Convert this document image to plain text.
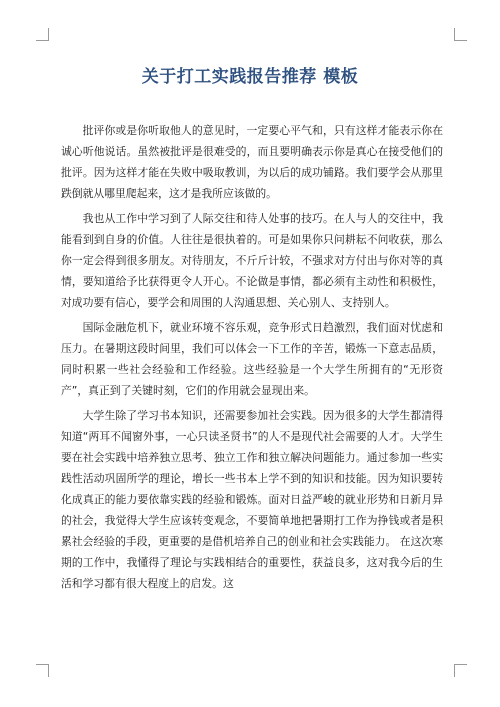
关于打工实践报告推荐 模板

批评你或是你听取他人的意见时，一定要心平气和，只有这样才能表示你在诚心听他说话。虽然被批评是很难受的，而且要明确表示你是真心在接受他们的批评。因为这样才能在失败中吸取教训，为以后的成功铺路。我们要学会从那里跌倒就从哪里爬起来，这才是我所应该做的。

我也从工作中学习到了人际交往和待人处事的技巧。在人与人的交往中，我能看到到自身的价值。人往往是很执着的。可是如果你只问耕耘不问收获，那么你一定会得到很多朋友。对待朋友，不斤斤计较，不强求对方付出与你对等的真情，要知道给予比获得更令人开心。不论做是事情，都必须有主动性和积极性，对成功要有信心，要学会和周围的人沟通思想、关心别人、支持别人。

国际金融危机下，就业环境不容乐观，竞争形式日趋激烈，我们面对忧虑和压力。在暑期这段时间里，我们可以体会一下工作的辛苦，锻炼一下意志品质，同时积累一些社会经验和工作经验。这些经验是一个大学生所拥有的“无形资产”，真正到了关键时刻，它们的作用就会显现出来。

大学生除了学习书本知识，还需要参加社会实践。因为很多的大学生都清得知道“两耳不闻窗外事，一心只读圣贤书”的人不是现代社会需要的人才。大学生要在社会实践中培养独立思考、独立工作和独立解决问题能力。通过参加一些实践性活动巩固所学的理论，增长一些书本上学不到的知识和技能。因为知识要转化成真正的能力要依靠实践的经验和锻炼。面对日益严峻的就业形势和日新月异的社会，我觉得大学生应该转变观念，不要简单地把暑期打工作为挣钱或者是积累社会经验的手段，更重要的是借机培养自己的创业和社会实践能力。 在这次寒期的工作中，我懂得了理论与实践相结合的重要性，获益良多，这对我今后的生活和学习都有很大程度上的启发。这
